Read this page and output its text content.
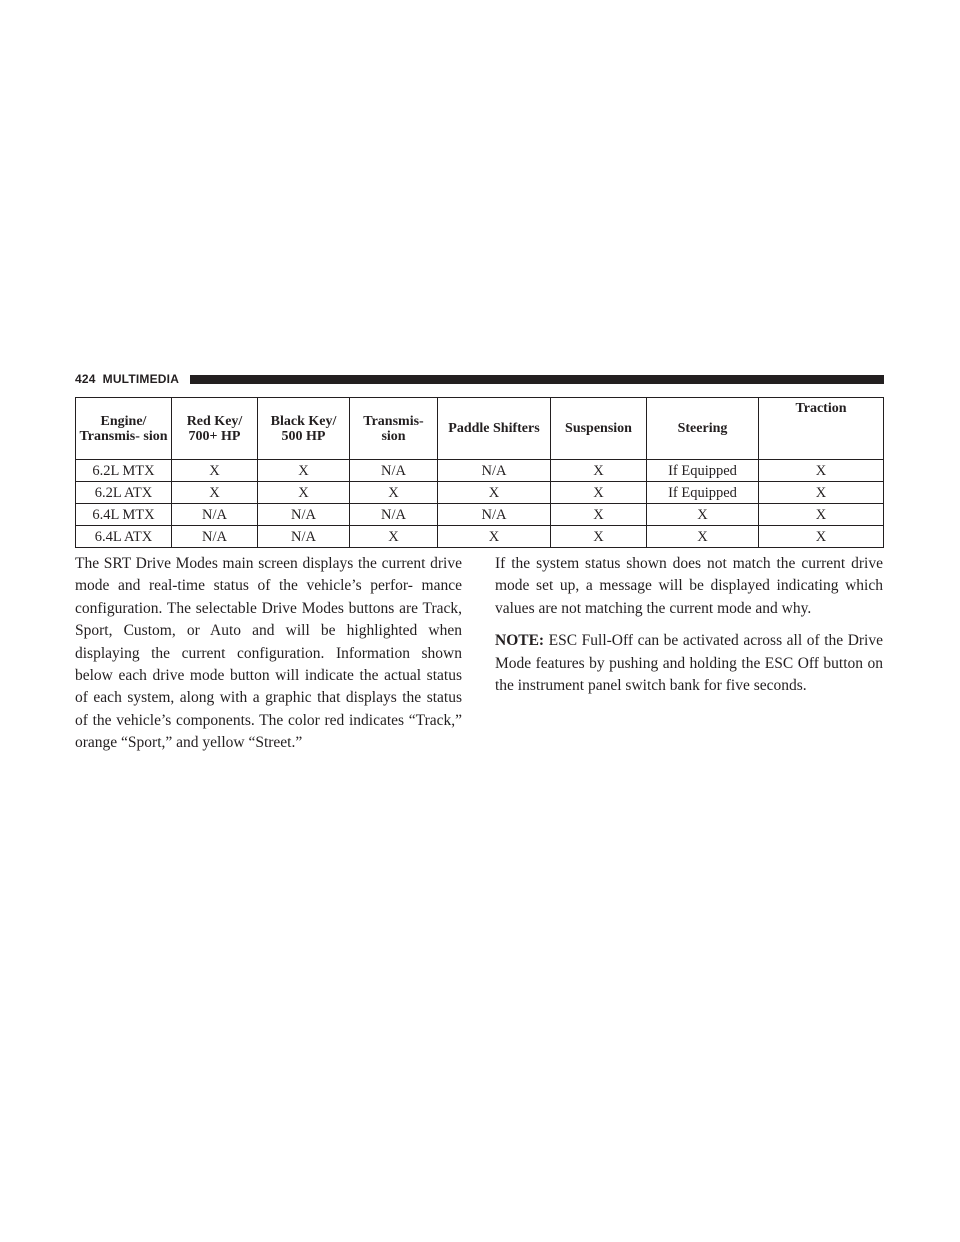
424 MULTIMEDIA
Engine/ Transmis- sion	Red Key/ 700+ HP	Black Key/ 500 HP	Transmis- sion	Paddle Shifters	Suspension	Steering	Traction
6.2L MTX	X	X	N/A	N/A	X	If Equipped	X
6.2L ATX	X	X	X	X	X	If Equipped	X
6.4L MTX	N/A	N/A	N/A	N/A	X	X	X
6.4L ATX	N/A	N/A	X	X	X	X	X

The SRT Drive Modes main screen displays the current drive mode and real-time status of the vehicle’s perfor- mance configuration. The selectable Drive Modes buttons are Track, Sport, Custom, or Auto and will be highlighted when displaying the current configuration. Information shown below each drive mode button will indicate the actual status of each system, along with a graphic that displays the status of the vehicle’s components. The color red indicates “Track,” orange “Sport,” and yellow “Street.”

If the system status shown does not match the current drive mode set up, a message will be displayed indicating which values are not matching the current mode and why.

NOTE: ESC Full-Off can be activated across all of the Drive Mode features by pushing and holding the ESC Off button on the instrument panel switch bank for five seconds.
